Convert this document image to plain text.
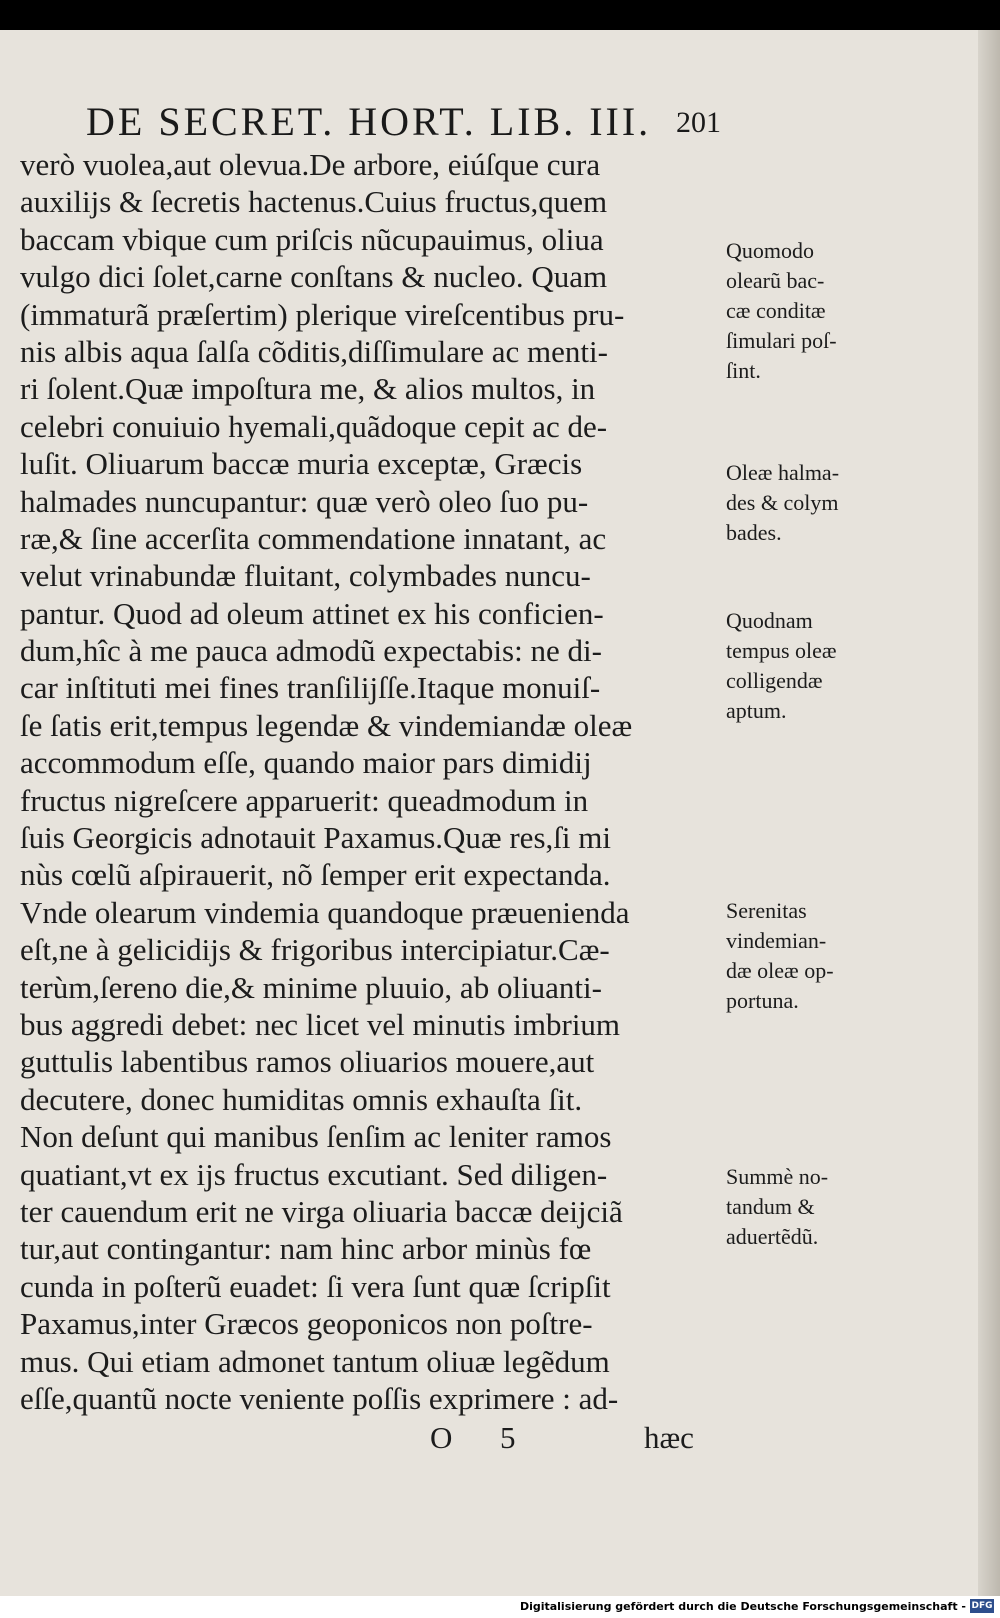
DE SECRET. HORT. LIB. III. 201
verò vuolea,aut olevua.De arbore, eiúſque cura
auxilijs & ſecretis hactenus.Cuius fructus,quem
baccam vbique cum priſcis nũcupauimus, oliua
vulgo dici ſolet,carne conſtans & nucleo. Quam
(immaturã præſertim) plerique vireſcentibus pru-
nis albis aqua ſalſa cõditis,diſſimulare ac menti-
ri ſolent.Quæ impoſtura me, & alios multos, in
celebri conuiuio hyemali,quãdoque cepit ac de-
luſit. Oliuarum baccæ muria exceptæ, Græcis
halmades nuncupantur: quæ verò oleo ſuo pu-
ræ,& ſine accerſita commendatione innatant, ac
velut vrinabundæ fluitant, colymbades nuncu-
pantur. Quod ad oleum attinet ex his conficien-
dum,hîc à me pauca admodũ expectabis: ne di-
car inſtituti mei fines tranſilijſſe.Itaque monuiſ-
ſe ſatis erit,tempus legendæ & vindemiandæ oleæ
accommodum eſſe, quando maior pars dimidij
fructus nigreſcere apparuerit: queadmodum in
ſuis Georgicis adnotauit Paxamus.Quæ res,ſi mi
nùs cœlũ aſpirauerit, nõ ſemper erit expectanda.
Vnde olearum vindemia quandoque præuenienda
eſt,ne à gelicidijs & frigoribus intercipiatur.Cæ-
terùm,ſereno die,& minime pluuio, ab oliuanti-
bus aggredi debet: nec licet vel minutis imbrium
guttulis labentibus ramos oliuarios mouere,aut
decutere, donec humiditas omnis exhauſta ſit.
Non deſunt qui manibus ſenſim ac leniter ramos
quatiant,vt ex ijs fructus excutiant. Sed diligen-
ter cauendum erit ne virga oliuaria baccæ deijciã
tur,aut contingantur: nam hinc arbor minùs fœ
cunda in poſterũ euadet: ſi vera ſunt quæ ſcripſit
Paxamus,inter Græcos geoponicos non poſtre-
mus. Qui etiam admonet tantum oliuæ legẽdum
eſſe,quantũ nocte veniente poſſis exprimere : ad-
Quomodo
olearũ bac-
cæ conditæ
ſimulari poſ-
ſint.
Oleæ halma-
des & colym
bades.
Quodnam
tempus oleæ
colligendæ
aptum.
Serenitas
vindemian-
dæ oleæ op-
portuna.
Summè no-
tandum &
aduertẽdũ.
O 5	hæc
Digitalisierung gefördert durch die Deutsche Forschungsgemeinschaft - DFG
